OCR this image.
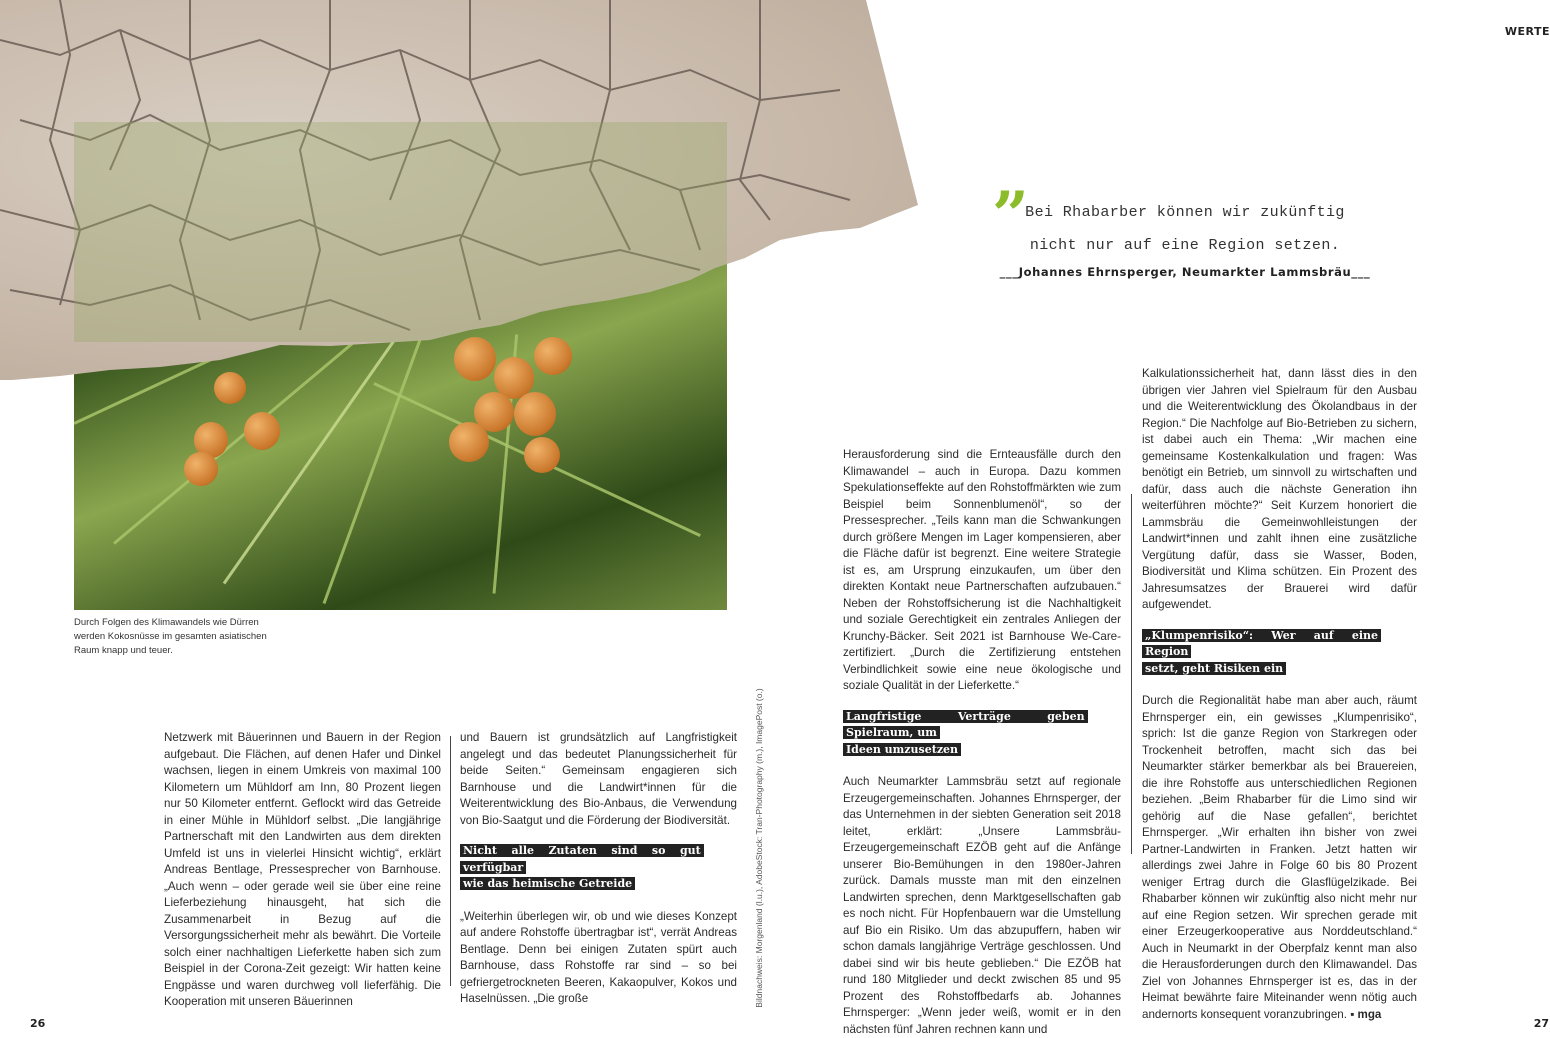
WERTE
Durch Folgen des Klimawandels wie Dürren werden Kokosnüsse im gesamten asiatischen Raum knapp und teuer.
Bildnachweis: Morgenland (l.u.), AdobeStock: Tran-Photography (m.), ImagePost (o.)
”
Bei Rhabarber können wir zukünftig nicht nur auf eine Region setzen.
___Johannes Ehrnsperger, Neumarkter Lammsbräu___

Netzwerk mit Bäuerinnen und Bauern in der Region aufgebaut. Die Flächen, auf denen Hafer und Dinkel wachsen, liegen in einem Umkreis von maximal 100 Kilometern um Mühldorf am Inn, 80 Prozent liegen nur 50 Kilometer entfernt. Geflockt wird das Getreide in einer Mühle in Mühldorf selbst. „Die langjährige Partnerschaft mit den Landwirten aus dem direkten Umfeld ist uns in vielerlei Hinsicht wichtig“, erklärt Andreas Bentlage, Pressesprecher von Barnhouse. „Auch wenn – oder gerade weil sie über eine reine Lieferbeziehung hinausgeht, hat sich die Zusammenarbeit in Bezug auf die Versorgungssicherheit mehr als bewährt. Die Vorteile solch einer nachhaltigen Lieferkette haben sich zum Beispiel in der Corona-Zeit gezeigt: Wir hatten keine Engpässe und waren durchweg voll lieferfähig. Die Kooperation mit unseren Bäuerinnen

und Bauern ist grundsätzlich auf Langfristigkeit angelegt und das bedeutet Planungssicherheit für beide Seiten.“ Gemeinsam engagieren sich Barnhouse und die Landwirt*innen für die Weiterentwicklung des Bio-Anbaus, die Verwendung von Bio-Saatgut und die Förderung der Biodiversität.

Nicht alle Zutaten sind so gut verfügbar
wie das heimische Getreide

„Weiterhin überlegen wir, ob und wie dieses Konzept auf andere Rohstoffe übertragbar ist“, verrät Andreas Bentlage. Denn bei einigen Zutaten spürt auch Barnhouse, dass Rohstoffe rar sind – so bei gefriergetrockneten Beeren, Kakaopulver, Kokos und Haselnüssen. „Die große

Herausforderung sind die Ernteausfälle durch den Klimawandel – auch in Europa. Dazu kommen Spekulationseffekte auf den Rohstoffmärkten wie zum Beispiel beim Sonnenblumenöl“, so der Pressesprecher. „Teils kann man die Schwankungen durch größere Mengen im Lager kompensieren, aber die Fläche dafür ist begrenzt. Eine weitere Strategie ist es, am Ursprung einzukaufen, um über den direkten Kontakt neue Partnerschaften aufzubauen.“ Neben der Rohstoffsicherung ist die Nachhaltigkeit und soziale Gerechtigkeit ein zentrales Anliegen der Krunchy-Bäcker. Seit 2021 ist Barnhouse We-Care-zertifiziert. „Durch die Zertifizierung entstehen Verbindlichkeit sowie eine neue ökologische und soziale Qualität in der Lieferkette.“

Langfristige Verträge geben Spielraum, um
Ideen umzusetzen

Auch Neumarkter Lammsbräu setzt auf regionale Erzeugergemeinschaften. Johannes Ehrnsperger, der das Unternehmen in der siebten Generation seit 2018 leitet, erklärt: „Unsere Lammsbräu-Erzeugergemeinschaft EZÖB geht auf die Anfänge unserer Bio-Bemühungen in den 1980er-Jahren zurück. Damals musste man mit den einzelnen Landwirten sprechen, denn Marktgesellschaften gab es noch nicht. Für Hopfenbauern war die Umstellung auf Bio ein Risiko. Um das abzupuffern, haben wir schon damals langjährige Verträge geschlossen. Und dabei sind wir bis heute geblieben.“ Die EZÖB hat rund 180 Mitglieder und deckt zwischen 85 und 95 Prozent des Rohstoffbedarfs ab. Johannes Ehrnsperger: „Wenn jeder weiß, womit er in den nächsten fünf Jahren rechnen kann und

Kalkulationssicherheit hat, dann lässt dies in den übrigen vier Jahren viel Spielraum für den Ausbau und die Weiterentwicklung des Ökolandbaus in der Region.“ Die Nachfolge auf Bio-Betrieben zu sichern, ist dabei auch ein Thema: „Wir machen eine gemeinsame Kostenkalkulation und fragen: Was benötigt ein Betrieb, um sinnvoll zu wirtschaften und dafür, dass auch die nächste Generation ihn weiterführen möchte?“ Seit Kurzem honoriert die Lammsbräu die Gemeinwohlleistungen der Landwirt*innen und zahlt ihnen eine zusätzliche Vergütung dafür, dass sie Wasser, Boden, Biodiversität und Klima schützen. Ein Prozent des Jahresumsatzes der Brauerei wird dafür aufgewendet.

„Klumpenrisiko“: Wer auf eine Region
setzt, geht Risiken ein

Durch die Regionalität habe man aber auch, räumt Ehrnsperger ein, ein gewisses „Klumpenrisiko“, sprich: Ist die ganze Region von Starkregen oder Trockenheit betroffen, macht sich das bei Neumarkter stärker bemerkbar als bei Brauereien, die ihre Rohstoffe aus unterschiedlichen Regionen beziehen. „Beim Rhabarber für die Limo sind wir gehörig auf die Nase gefallen“, berichtet Ehrnsperger. „Wir erhalten ihn bisher von zwei Partner-Landwirten in Franken. Jetzt hatten wir allerdings zwei Jahre in Folge 60 bis 80 Prozent weniger Ertrag durch die Glasflügelzikade. Bei Rhabarber können wir zukünftig also nicht mehr nur auf eine Region setzen. Wir sprechen gerade mit einer Erzeugerkooperative aus Norddeutschland.“ Auch in Neumarkt in der Oberpfalz kennt man also die Herausforderungen durch den Klimawandel. Das Ziel von Johannes Ehrnsperger ist es, das in der Heimat bewährte faire Miteinander wenn nötig auch andernorts konsequent voranzubringen. ▪ mga

26	27
